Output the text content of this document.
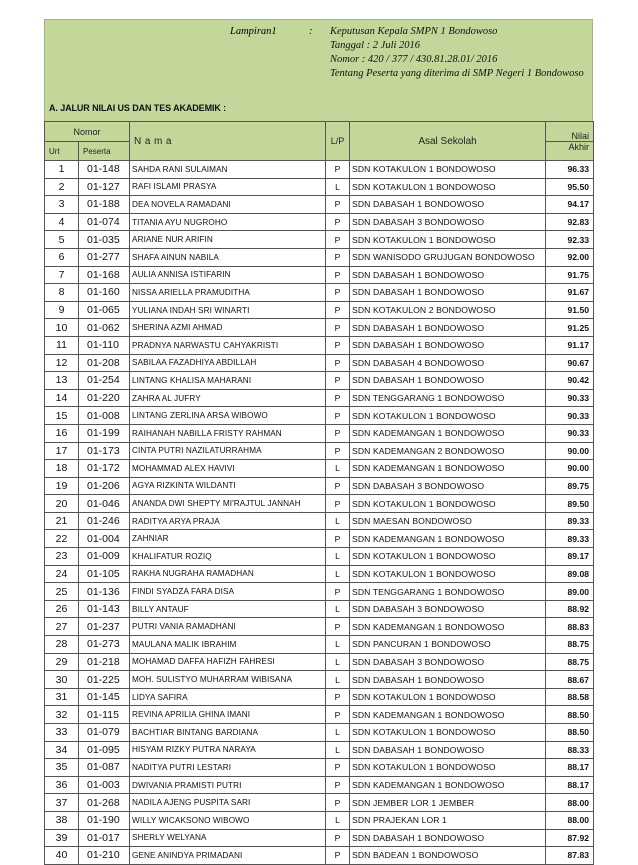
Lampiran1	: Keputusan Kepala SMPN 1 Bondowoso
Tanggal : 2 Juli 2016
Nomor : 420 / 377 / 430.81.28.01/ 2016
Tentang Peserta yang diterima di SMP Negeri 1 Bondowoso
A. JALUR NILAI US DAN TES AKADEMIK :
Nomor		N a m a	L/P	Asal Sekolah	Nilai
Urt	Peserta				Akhir
1	01-148	SAHDA RANI SULAIMAN	P	SDN KOTAKULON 1 BONDOWOSO	96.33
2	01-127	RAFI ISLAMI PRASYA	L	SDN KOTAKULON 1 BONDOWOSO	95.50
3	01-188	DEA NOVELA RAMADANI	P	SDN DABASAH 1 BONDOWOSO	94.17
4	01-074	TITANIA AYU NUGROHO	P	SDN DABASAH 3 BONDOWOSO	92.83
5	01-035	ARIANE NUR ARIFIN	P	SDN KOTAKULON 1 BONDOWOSO	92.33
6	01-277	SHAFA AINUN NABILA	P	SDN WANISODO GRUJUGAN BONDOWOSO	92.00
7	01-168	AULIA ANNISA ISTIFARIN	P	SDN DABASAH 1 BONDOWOSO	91.75
8	01-160	NISSA ARIELLA PRAMUDITHA	P	SDN DABASAH 1 BONDOWOSO	91.67
9	01-065	YULIANA INDAH SRI WINARTI	P	SDN KOTAKULON 2 BONDOWOSO	91.50
10	01-062	SHERINA AZMI AHMAD	P	SDN DABASAH 1 BONDOWOSO	91.25
11	01-110	PRADNYA NARWASTU CAHYAKRISTI	P	SDN DABASAH 1 BONDOWOSO	91.17
12	01-208	SABILAA FAZADHIYA ABDILLAH	P	SDN DABASAH 4 BONDOWOSO	90.67
13	01-254	LINTANG KHALISA MAHARANI	P	SDN DABASAH 1 BONDOWOSO	90.42
14	01-220	ZAHRA AL JUFRY	P	SDN TENGGARANG 1 BONDOWOSO	90.33
15	01-008	LINTANG ZERLINA ARSA WIBOWO	P	SDN KOTAKULON 1 BONDOWOSO	90.33
16	01-199	RAIHANAH NABILLA FRISTY RAHMAN	P	SDN KADEMANGAN 1 BONDOWOSO	90.33
17	01-173	CINTA PUTRI NAZILATURRAHMA	P	SDN KADEMANGAN 2 BONDOWOSO	90.00
18	01-172	MOHAMMAD ALEX HAVIVI	L	SDN KADEMANGAN 1 BONDOWOSO	90.00
19	01-206	AGYA RIZKINTA WILDANTI	P	SDN DABASAH 3 BONDOWOSO	89.75
20	01-046	ANANDA DWI SHEPTY MI'RAJTUL JANNAH	P	SDN KOTAKULON 1 BONDOWOSO	89.50
21	01-246	RADITYA ARYA PRAJA	L	SDN MAESAN BONDOWOSO	89.33
22	01-004	ZAHNIAR	P	SDN KADEMANGAN 1 BONDOWOSO	89.33
23	01-009	KHALIFATUR ROZIQ	L	SDN KOTAKULON 1 BONDOWOSO	89.17
24	01-105	RAKHA NUGRAHA RAMADHAN	L	SDN KOTAKULON 1 BONDOWOSO	89.08
25	01-136	FINDI SYADZA FARA DISA	P	SDN TENGGARANG 1 BONDOWOSO	89.00
26	01-143	BILLY ANTAUF	L	SDN DABASAH 3 BONDOWOSO	88.92
27	01-237	PUTRI VANIA RAMADHANI	P	SDN KADEMANGAN 1 BONDOWOSO	88.83
28	01-273	MAULANA MALIK IBRAHIM	L	SDN PANCURAN 1 BONDOWOSO	88.75
29	01-218	MOHAMAD DAFFA HAFIZH FAHRESI	L	SDN DABASAH 3 BONDOWOSO	88.75
30	01-225	MOH. SULISTYO MUHARRAM WIBISANA	L	SDN DABASAH 1 BONDOWOSO	88.67
31	01-145	LIDYA SAFIRA	P	SDN KOTAKULON 1 BONDOWOSO	88.58
32	01-115	REVINA APRILIA GHINA IMANI	P	SDN KADEMANGAN 1 BONDOWOSO	88.50
33	01-079	BACHTIAR BINTANG BARDIANA	L	SDN KOTAKULON 1 BONDOWOSO	88.50
34	01-095	HISYAM RIZKY PUTRA NARAYA	L	SDN DABASAH 1 BONDOWOSO	88.33
35	01-087	NADITYA PUTRI LESTARI	P	SDN KOTAKULON 1 BONDOWOSO	88.17
36	01-003	DWIVANIA PRAMISTI PUTRI	P	SDN KADEMANGAN 1 BONDOWOSO	88.17
37	01-268	NADILA AJENG PUSPITA SARI	P	SDN JEMBER LOR 1 JEMBER	88.00
38	01-190	WILLY WICAKSONO WIBOWO	L	SDN PRAJEKAN LOR 1	88.00
39	01-017	SHERLY WELYANA	P	SDN DABASAH 1 BONDOWOSO	87.92
40	01-210	GENE ANINDYA PRIMADANI	P	SDN BADEAN 1 BONDOWOSO	87.83
